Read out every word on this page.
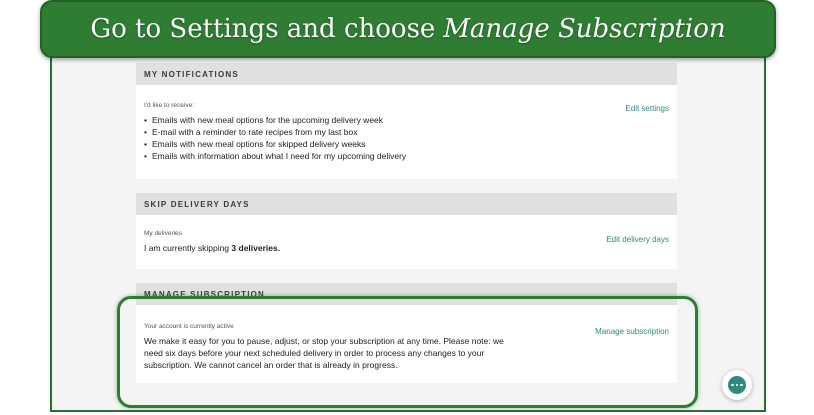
Go to Settings and choose Manage Subscription
MY NOTIFICATIONS
I'd like to receive:	Edit settings
• Emails with new meal options for the upcoming delivery week
• E-mail with a reminder to rate recipes from my last box
• Emails with new meal options for skipped delivery weeks
• Emails with information about what I need for my upcoming delivery
SKIP DELIVERY DAYS
My deliveries
Edit delivery days
I am currently skipping 3 deliveries.
MANAGE SUBSCRIPTION
Your account is currently active
Manage subscription
We make it easy for you to pause, adjust, or stop your subscription at any time. Please note: we
need six days before your next scheduled delivery in order to process any changes to your
subscription. We cannot cancel an order that is already in progress.
